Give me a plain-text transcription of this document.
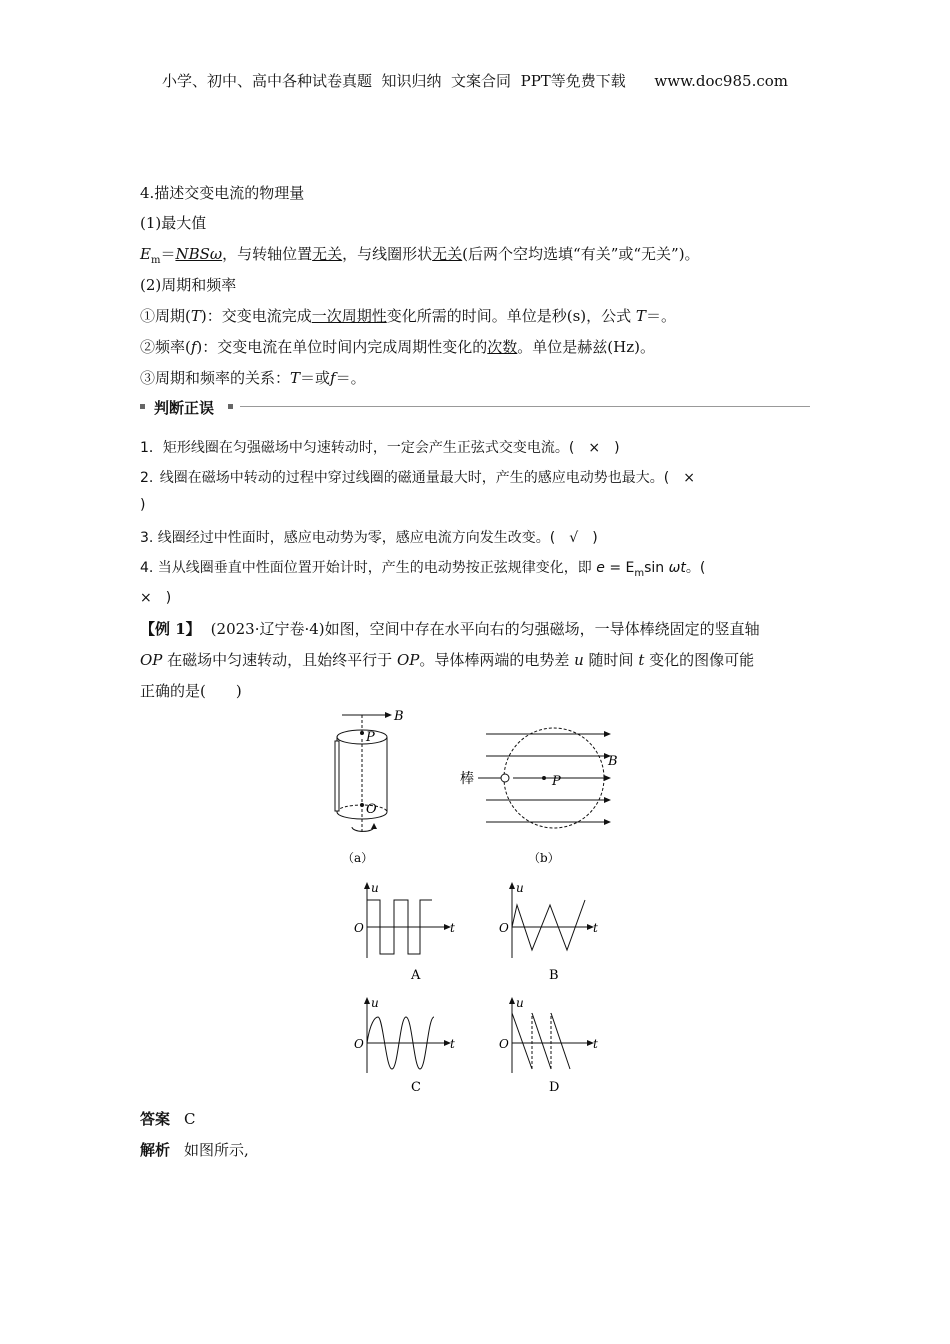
小学、初中、高中各种试卷真题  知识归纳  文案合同  PPT等免费下载      www.doc985.com
4.描述交变电流的物理量
(1)最大值
$E_m=NBS\omega$，与转轴位置无关，与线圈形状无关(后两个空均选填“有关”或“无关”)。
(2)周期和频率
①周期(T)：交变电流完成一次周期性变化所需的时间。单位是秒(s)，公式 T＝。
②频率(f)：交变电流在单位时间内完成周期性变化的次数。单位是赫兹(Hz)。
③周期和频率的关系：T＝或f＝。
判断正误
1．矩形线圈在匀强磁场中匀速转动时，一定会产生正弦式交变电流。(　×　)
2. 线圈在磁场中转动的过程中穿过线圈的磁通量最大时，产生的感应电动势也最大。(　×
)
3. 线圈经过中性面时，感应电动势为零，感应电流方向发生改变。(　√　)
4. 当从线圈垂直中性面位置开始计时，产生的电动势按正弦规律变化，即 $e = E_m\sin$ ωt。(
×　)
【例 1】 (2023·辽宁卷·4)如图，空间中存在水平向右的匀强磁场，一导体棒绕固定的竖直轴
OP 在磁场中匀速转动，且始终平行于 OP。导体棒两端的电势差 u 随时间 t 变化的图像可能
正确的是(　　)
B
P
O
（a）
B
棒	P
（b）
u
O	t
A
u
O	t
B
u
O	t
C
u
O	t
D
答案 C
解析 如图所示,
